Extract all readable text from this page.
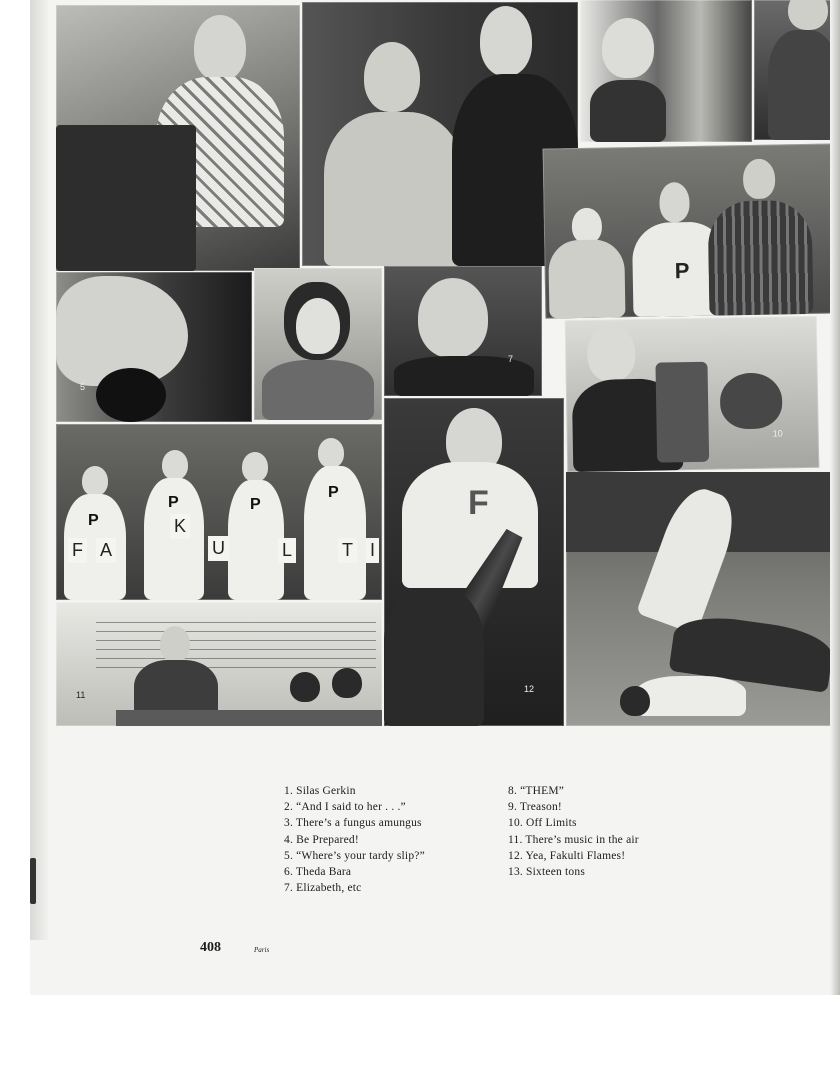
5
7
P
10
P
P	P
P
F A
K
U	L	T I
11
F
12
1. Silas Gerkin
2. “And I said to her . . .”
3. There’s a fungus amungus
4. Be Prepared!
5. “Where’s your tardy slip?”
6. Theda Bara
7. Elizabeth, etc
8. “THEM”
9. Treason!
10. Off Limits
11. There’s music in the air
12. Yea, Fakulti Flames!
13. Sixteen tons
408	Paris
